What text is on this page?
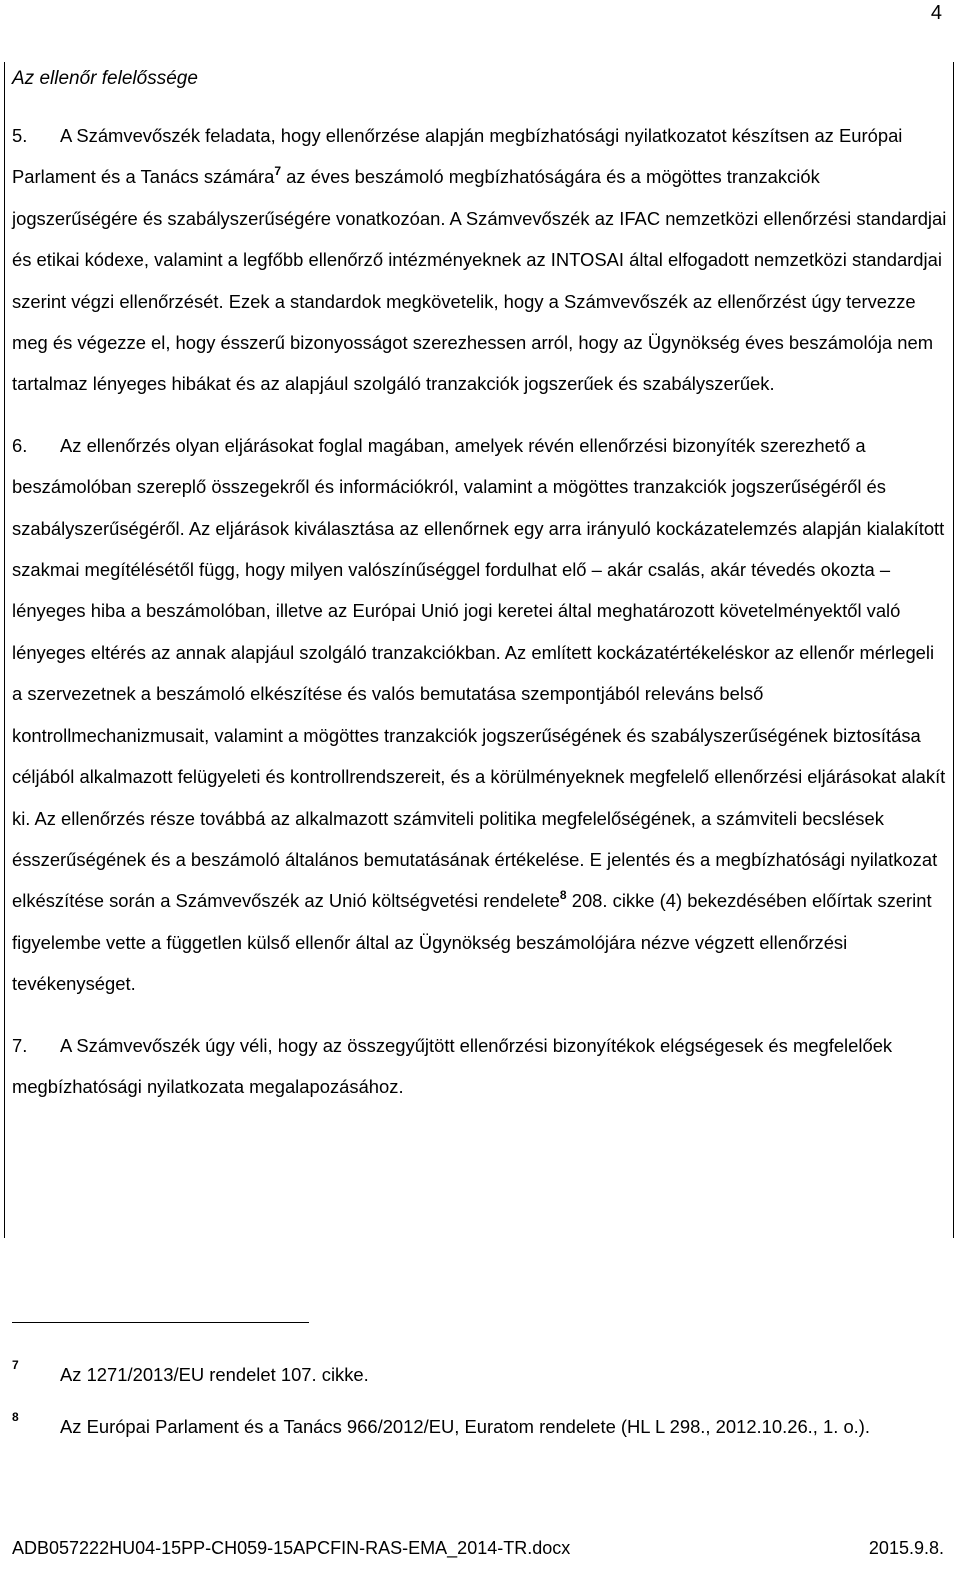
4

Az ellenőr felelőssége

5. A Számvevőszék feladata, hogy ellenőrzése alapján megbízhatósági nyilatkozatot készítsen az Európai Parlament és a Tanács számára$^7$ az éves beszámoló megbízhatóságára és a mögöttes tranzakciók jogszerűségére és szabályszerűségére vonatkozóan. A Számvevőszék az IFAC nemzetközi ellenőrzési standardjai és etikai kódexe, valamint a legfőbb ellenőrző intézményeknek az INTOSAI által elfogadott nemzetközi standardjai szerint végzi ellenőrzését. Ezek a standardok megkövetelik, hogy a Számvevőszék az ellenőrzést úgy tervezze meg és végezze el, hogy ésszerű bizonyosságot szerezhessen arról, hogy az Ügynökség éves beszámolója nem tartalmaz lényeges hibákat és az alapjául szolgáló tranzakciók jogszerűek és szabályszerűek.

6. Az ellenőrzés olyan eljárásokat foglal magában, amelyek révén ellenőrzési bizonyíték szerezhető a beszámolóban szereplő összegekről és információkról, valamint a mögöttes tranzakciók jogszerűségéről és szabályszerűségéről. Az eljárások kiválasztása az ellenőrnek egy arra irányuló kockázatelemzés alapján kialakított szakmai megítélésétől függ, hogy milyen valószínűséggel fordulhat elő – akár csalás, akár tévedés okozta – lényeges hiba a beszámolóban, illetve az Európai Unió jogi keretei által meghatározott követelményektől való lényeges eltérés az annak alapjául szolgáló tranzakciókban. Az említett kockázatértékeléskor az ellenőr mérlegeli a szervezetnek a beszámoló elkészítése és valós bemutatása szempontjából releváns belső kontrollmechanizmusait, valamint a mögöttes tranzakciók jogszerűségének és szabályszerűségének biztosítása céljából alkalmazott felügyeleti és kontrollrendszereit, és a körülményeknek megfelelő ellenőrzési eljárásokat alakít ki. Az ellenőrzés része továbbá az alkalmazott számviteli politika megfelelőségének, a számviteli becslések ésszerűségének és a beszámoló általános bemutatásának értékelése. E jelentés és a megbízhatósági nyilatkozat elkészítése során a Számvevőszék az Unió költségvetési rendelete$^8$ 208. cikke (4) bekezdésében előírtak szerint figyelembe vette a független külső ellenőr által az Ügynökség beszámolójára nézve végzett ellenőrzési tevékenységet.

7. A Számvevőszék úgy véli, hogy az összegyűjtött ellenőrzési bizonyítékok elégségesek és megfelelőek megbízhatósági nyilatkozata megalapozásához.

7 Az 1271/2013/EU rendelet 107. cikke.
8 Az Európai Parlament és a Tanács 966/2012/EU, Euratom rendelete (HL L 298., 2012.10.26., 1. o.).
ADB057222HU04-15PP-CH059-15APCFIN-RAS-EMA_2014-TR.docx	2015.9.8.
